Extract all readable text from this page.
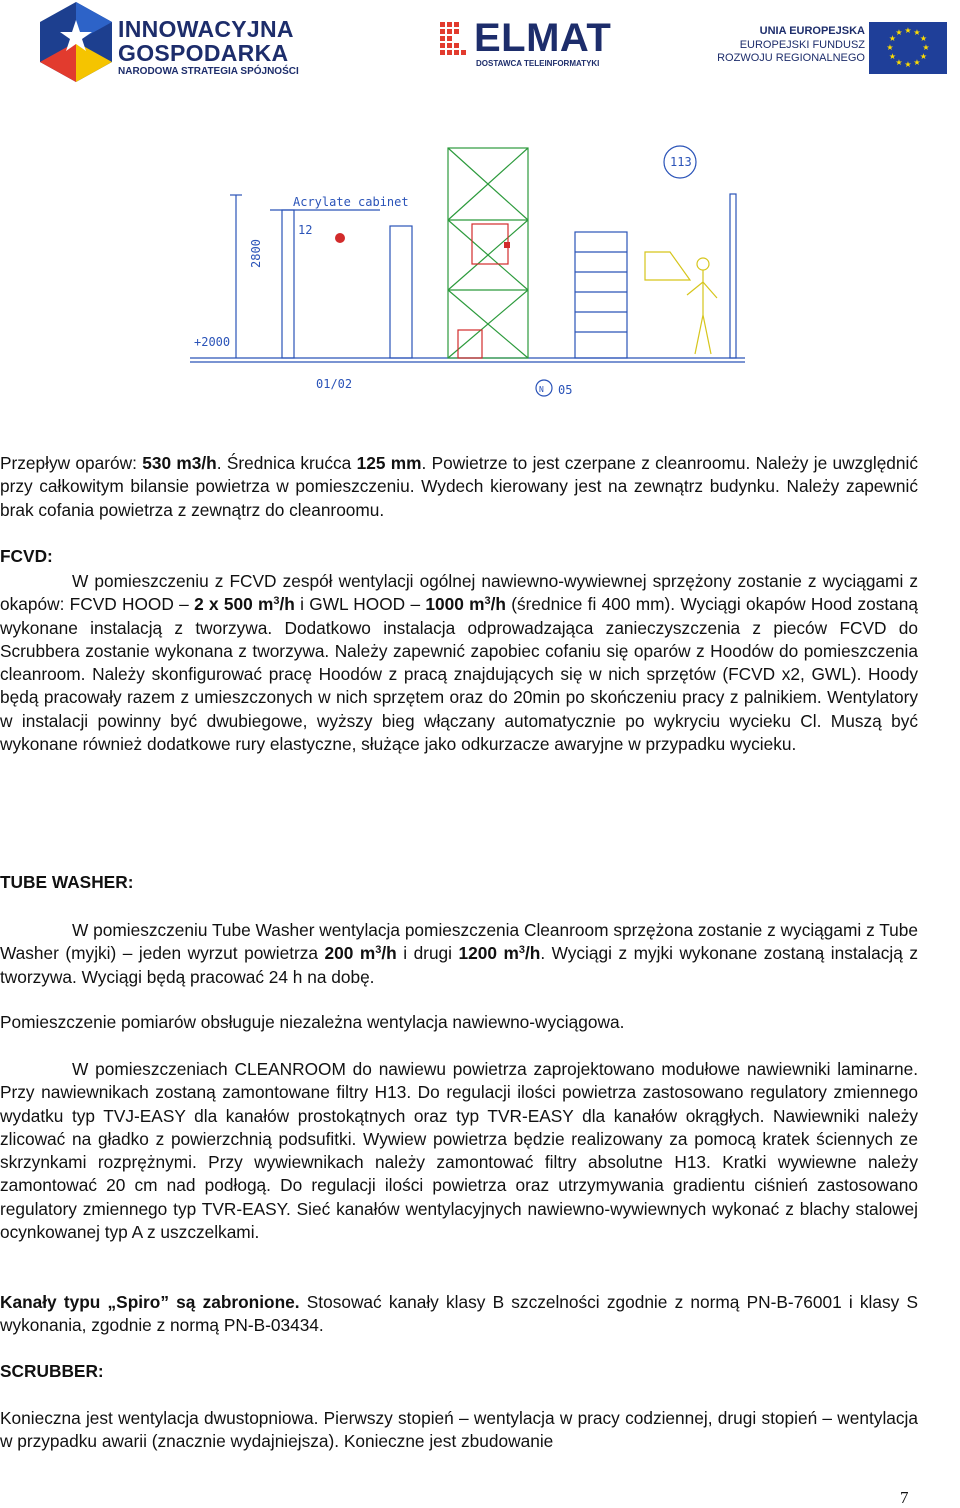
INNOWACYJNA
GOSPODARKA
NARODOWA STRATEGIA SPÓJNOŚCI
ELMAT
DOSTAWCA TELEINFORMATYKI
UNIA EUROPEJSKA
EUROPEJSKI FUNDUSZ
ROZWOJU REGIONALNEGO
★ ★
★
★
★
★
★
★
★
★
★
★
Acrylate cabinet
12
2800
+2000
01/02	05
N
113

Przepływ oparów: 530 m3/h. Średnica krućca 125 mm. Powietrze to jest czerpane z cleanroomu. Należy je uwzględnić przy całkowitym bilansie powietrza w pomieszczeniu. Wydech kierowany jest na zewnątrz budynku. Należy zapewnić brak cofania powietrza z zewnątrz do cleanroomu.

FCVD:

W pomieszczeniu z FCVD zespół wentylacji ogólnej nawiewno-wywiewnej sprzężony zostanie z wyciągami z okapów: FCVD HOOD – 2 x 500 $m^3/h$ i GWL HOOD – 1000 $m^3/h$ (średnice fi 400 mm). Wyciągi okapów Hood zostaną wykonane instalacją z tworzywa. Dodatkowo instalacja odprowadzająca zanieczyszczenia z pieców FCVD do Scrubbera zostanie wykonana z tworzywa. Należy zapewnić zapobiec cofaniu się oparów z Hoodów do pomieszczenia cleanroom. Należy skonfigurować pracę Hoodów z pracą znajdujących się w nich sprzętów (FCVD x2, GWL). Hoody będą pracowały razem z umieszczonych w nich sprzętem oraz do 20min po skończeniu pracy z palnikiem. Wentylatory w instalacji powinny być dwubiegowe, wyższy bieg włączany automatycznie po wykryciu wycieku Cl. Muszą być wykonane również dodatkowe rury elastyczne, służące jako odkurzacze awaryjne w przypadku wycieku.

TUBE WASHER:

W pomieszczeniu Tube Washer wentylacja pomieszczenia Cleanroom sprzężona zostanie z wyciągami z Tube Washer (myjki) – jeden wyrzut powietrza 200 $m^3/h$ i drugi 1200 $m^3/h$. Wyciągi z myjki wykonane zostaną instalacją z tworzywa. Wyciągi będą pracować 24 h na dobę.

Pomieszczenie pomiarów obsługuje niezależna wentylacja nawiewno-wyciągowa.

W pomieszczeniach CLEANROOM do nawiewu powietrza zaprojektowano modułowe nawiewniki laminarne. Przy nawiewnikach zostaną zamontowane filtry H13. Do regulacji ilości powietrza zastosowano regulatory zmiennego wydatku typ TVJ-EASY dla kanałów prostokątnych oraz typ TVR-EASY dla kanałów okrągłych. Nawiewniki należy zlicować na gładko z powierzchnią podsufitki. Wywiew powietrza będzie realizowany za pomocą kratek ściennych ze skrzynkami rozprężnymi. Przy wywiewnikach należy zamontować filtry absolutne H13. Kratki wywiewne należy zamontować 20 cm nad podłogą. Do regulacji ilości powietrza oraz utrzymywania gradientu ciśnień zastosowano regulatory zmiennego typ TVR-EASY. Sieć kanałów wentylacyjnych nawiewno-wywiewnych wykonać z blachy stalowej ocynkowanej typ A z uszczelkami.

Kanały typu „Spiro” są zabronione. Stosować kanały klasy B szczelności zgodnie z normą PN-B-76001 i klasy S wykonania, zgodnie z normą PN-B-03434.

SCRUBBER:

Konieczna jest wentylacja dwustopniowa. Pierwszy stopień – wentylacja w pracy codziennej, drugi stopień – wentylacja w przypadku awarii (znacznie wydajniejsza). Konieczne jest zbudowanie

7
